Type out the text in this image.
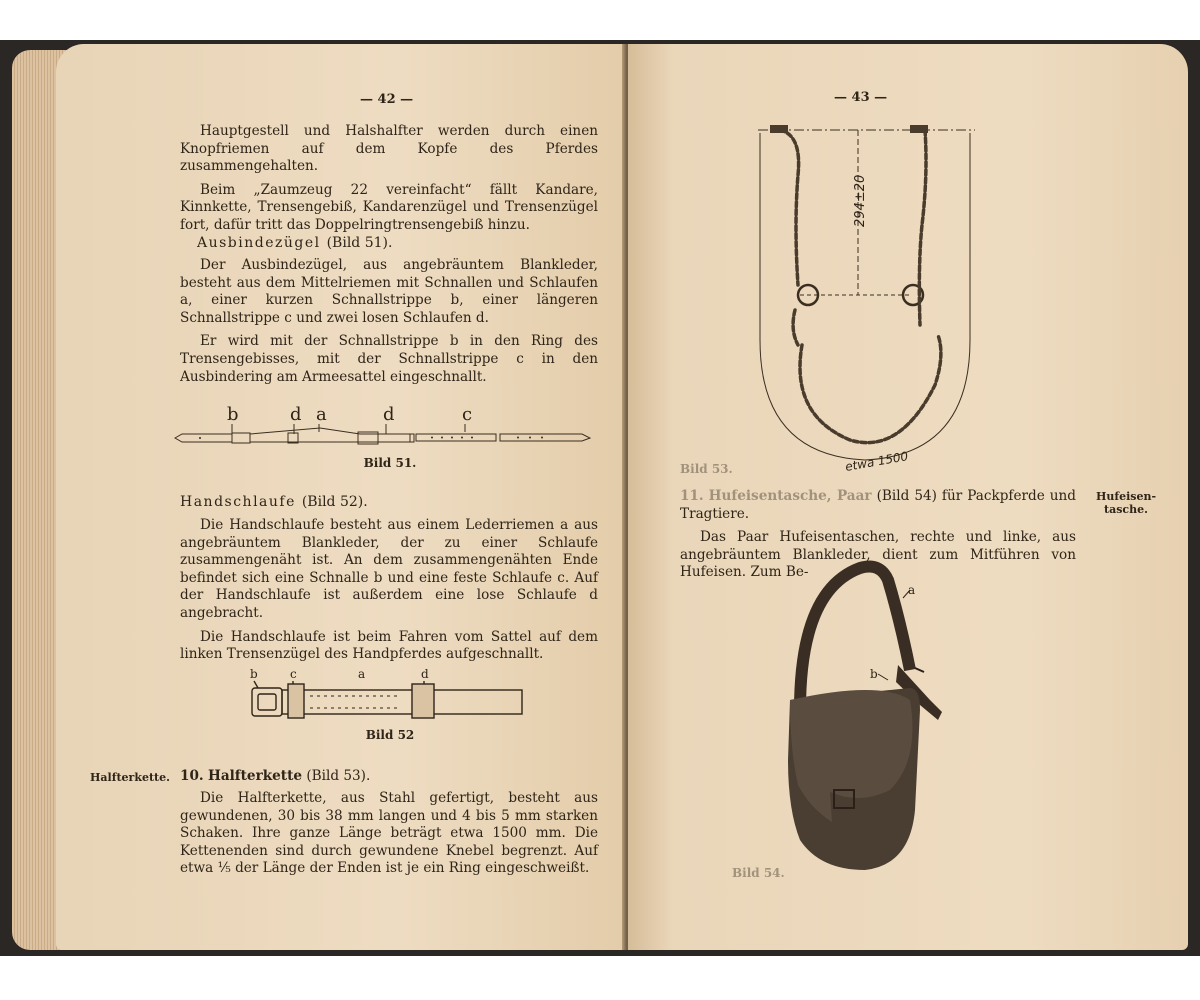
— 42 —

Hauptgestell und Halshalfter werden durch einen Knopfriemen auf dem Kopfe des Pferdes zusammengehalten.

Beim „Zaumzeug 22 vereinfacht“ fällt Kandare, Kinnkette, Trensengebiß, Kandarenzügel und Trensenzügel fort, dafür tritt das Doppelringtrensengebiß hinzu.

Ausbindezügel (Bild 51).

Der Ausbindezügel, aus angebräuntem Blankleder, besteht aus dem Mittelriemen mit Schnallen und Schlaufen a, einer kurzen Schnallstrippe b, einer längeren Schnallstrippe c und zwei losen Schlaufen d.

Er wird mit der Schnallstrippe b in den Ring des Trensengebisses, mit der Schnallstrippe c in den Ausbindering am Armeesattel eingeschnallt.

b	d a	d	c
Bild 51.
Handschlaufe (Bild 52).

Die Handschlaufe besteht aus einem Lederriemen a aus angebräuntem Blankleder, der zu einer Schlaufe zusammengenäht ist. An dem zusammengenähten Ende befindet sich eine Schnalle b und eine feste Schlaufe c. Auf der Handschlaufe ist außerdem eine lose Schlaufe d angebracht.

Die Handschlaufe ist beim Fahren vom Sattel auf dem linken Trensenzügel des Handpferdes aufgeschnallt.

b	c	a	d
Bild 52
Halfterkette. 10. Halfterkette (Bild 53).

Die Halfterkette, aus Stahl gefertigt, besteht aus gewundenen, 30 bis 38 mm langen und 4 bis 5 mm starken Schaken. Ihre ganze Länge beträgt etwa 1500 mm. Die Kettenenden sind durch gewundene Knebel begrenzt. Auf etwa ⅕ der Länge der Enden ist je ein Ring eingeschweißt.

— 43 —
294±20
etwa 1500
Bild 53.

11. Hufeisentasche, Paar (Bild 54) für Packpferde und Tragtiere.

Das Paar Hufeisentaschen, rechte und linke, aus angebräuntem Blankleder, dient zum Mitführen von Hufeisen. Zum Be-

Hufeisen-
tasche.
a
b
Bild 54.
